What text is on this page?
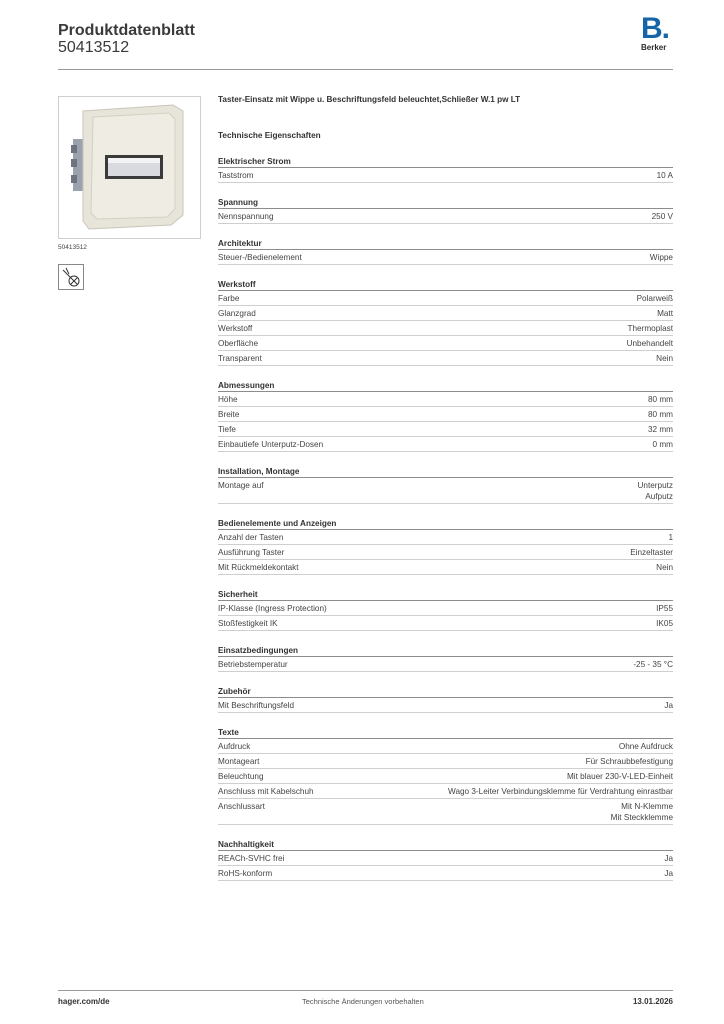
Produktdatenblatt
50413512
B.
Berker
50413512
Taster-Einsatz mit Wippe u. Beschriftungsfeld beleuchtet,Schließer W.1 pw LT
Technische Eigenschaften
Elektrischer Strom
Taststrom	10 A
Spannung
Nennspannung	250 V
Architektur
Steuer-/Bedienelement	Wippe
Werkstoff
Farbe	Polarweiß
Glanzgrad	Matt
Werkstoff	Thermoplast
Oberfläche	Unbehandelt
Transparent	Nein
Abmessungen
Höhe	80 mm
Breite	80 mm
Tiefe	32 mm
Einbautiefe Unterputz-Dosen	0 mm
Installation, Montage
Montage auf	Unterputz
Aufputz
Bedienelemente und Anzeigen
Anzahl der Tasten	1
Ausführung Taster	Einzeltaster
Mit Rückmeldekontakt	Nein
Sicherheit
IP-Klasse (Ingress Protection)	IP55
Stoßfestigkeit IK	IK05
Einsatzbedingungen
Betriebstemperatur	-25 - 35 °C
Zubehör
Mit Beschriftungsfeld	Ja
Texte
Aufdruck	Ohne Aufdruck
Montageart	Für Schraubbefestigung
Beleuchtung	Mit blauer 230-V-LED-Einheit
Anschluss mit Kabelschuh	Wago 3-Leiter Verbindungsklemme für Verdrahtung einrastbar
Anschlussart	Mit N-Klemme
Mit Steckklemme
Nachhaltigkeit
REACh-SVHC frei	Ja
RoHS-konform	Ja
hager.com/de	Technische Änderungen vorbehalten	13.01.2026
